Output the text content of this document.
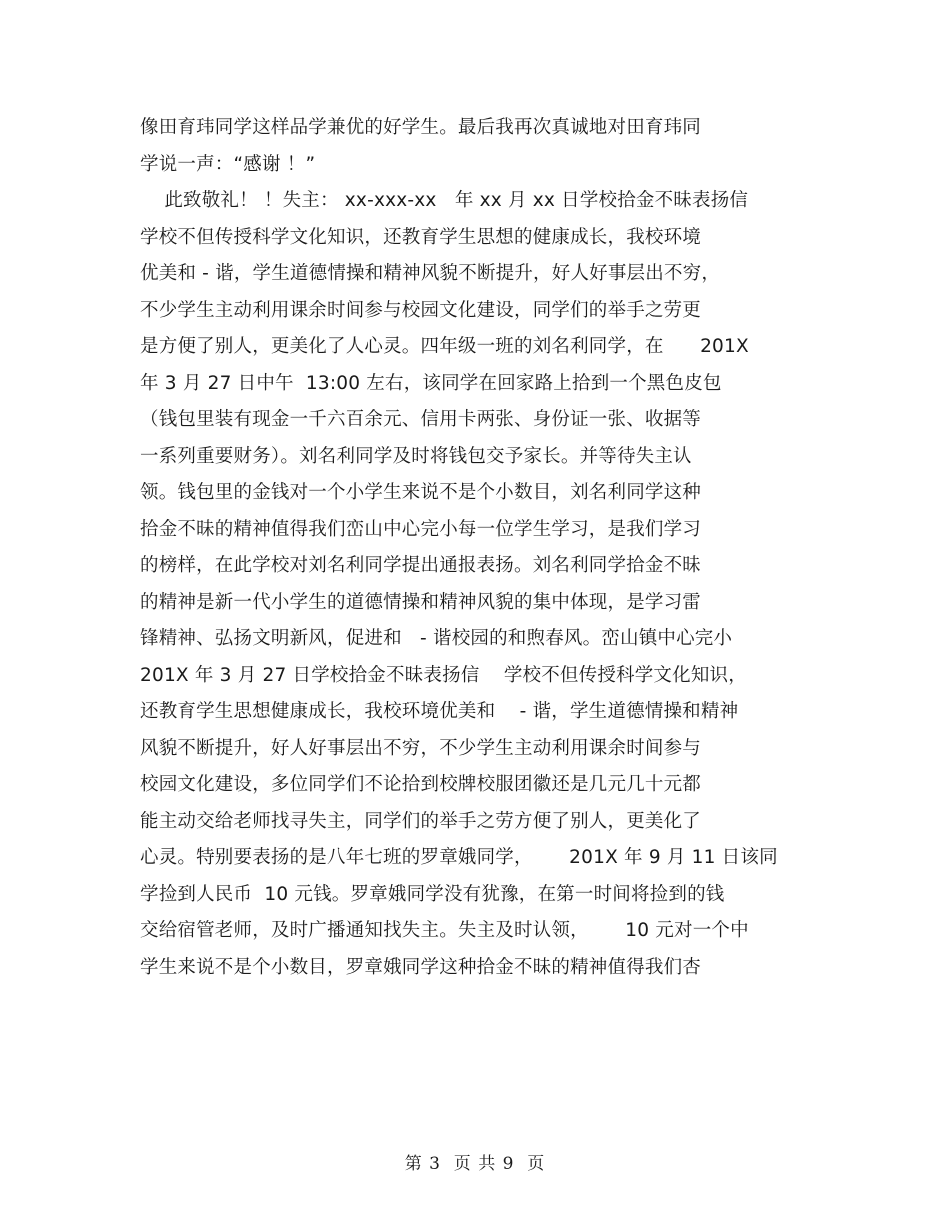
像田育玮同学这样品学兼优的好学生。最后我再次真诚地对田育玮同
学说一声：“感谢 ！”
此致敬礼！ ！失主： xx-xxx-xx   年 xx 月 xx 日学校拾金不昧表扬信
学校不但传授科学文化知识，还教育学生思想的健康成长，我校环境
优美和 - 谐，学生道德情操和精神风貌不断提升，好人好事层出不穷，
不少学生主动利用课余时间参与校园文化建设，同学们的举手之劳更
是方便了别人，更美化了人心灵。四年级一班的刘名利同学，在      201X
年 3 月 27 日中午  13:00 左右，该同学在回家路上拾到一个黑色皮包
（钱包里装有现金一千六百余元、信用卡两张、身份证一张、收据等
一系列重要财务）。刘名利同学及时将钱包交予家长。并等待失主认
领。钱包里的金钱对一个小学生来说不是个小数目，刘名利同学这种
拾金不昧的精神值得我们峦山中心完小每一位学生学习，是我们学习
的榜样，在此学校对刘名利同学提出通报表扬。刘名利同学拾金不昧
的精神是新一代小学生的道德情操和精神风貌的集中体现，是学习雷
锋精神、弘扬文明新风，促进和   - 谐校园的和煦春风。峦山镇中心完小
201X 年 3 月 27 日学校拾金不昧表扬信    学校不但传授科学文化知识，
还教育学生思想健康成长，我校环境优美和    - 谐，学生道德情操和精神
风貌不断提升，好人好事层出不穷，不少学生主动利用课余时间参与
校园文化建设，多位同学们不论拾到校牌校服团徽还是几元几十元都
能主动交给老师找寻失主，同学们的举手之劳方便了别人，更美化了
心灵。特别要表扬的是八年七班的罗章娥同学，      201X 年 9 月 11 日该同
学捡到人民币  10 元钱。罗章娥同学没有犹豫，在第一时间将捡到的钱
交给宿管老师，及时广播通知找失主。失主及时认领，      10 元对一个中
学生来说不是个小数目，罗章娥同学这种拾金不昧的精神值得我们杏
第 3  页 共 9  页
